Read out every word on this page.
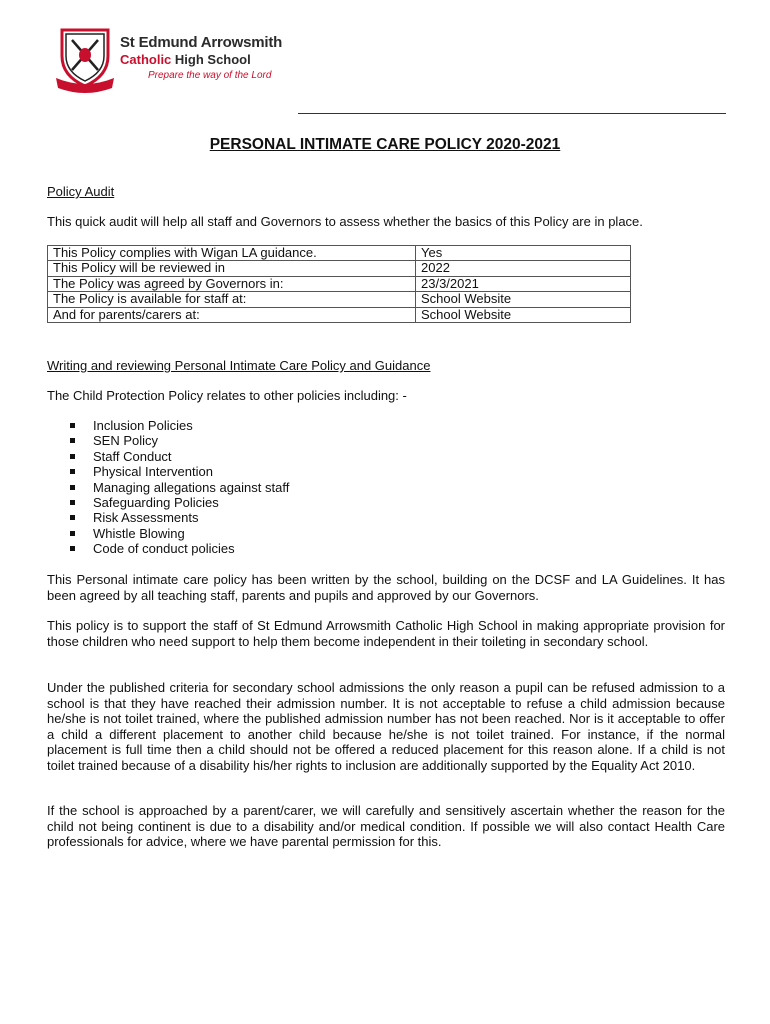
St Edmund Arrowsmith
Catholic High School
Prepare the way of the Lord
PERSONAL INTIMATE CARE POLICY 2020-2021
Policy Audit
This quick audit will help all staff and Governors to assess whether the basics of this Policy are in place.
This Policy complies with Wigan LA guidance.	Yes
This Policy will be reviewed in	2022
The Policy was agreed by Governors in:	23/3/2021
The Policy is available for staff at:	School Website
And for parents/carers at:	School Website
Writing and reviewing Personal Intimate Care Policy and Guidance
The Child Protection Policy relates to other policies including: -
Inclusion Policies
SEN Policy
Staff Conduct
Physical Intervention
Managing allegations against staff
Safeguarding Policies
Risk Assessments
Whistle Blowing
Code of conduct policies
This Personal intimate care policy has been written by the school, building on the DCSF and LA Guidelines. It has been agreed by all teaching staff, parents and pupils and approved by our Governors.
This policy is to support the staff of St Edmund Arrowsmith Catholic High School in making appropriate provision for those children who need support to help them become independent in their toileting in secondary school.
Under the published criteria for secondary school admissions the only reason a pupil can be refused admission to a school is that they have reached their admission number. It is not acceptable to refuse a child admission because he/she is not toilet trained, where the published admission number has not been reached. Nor is it acceptable to offer a child a different placement to another child because he/she is not toilet trained. For instance, if the normal placement is full time then a child should not be offered a reduced placement for this reason alone. If a child is not toilet trained because of a disability his/her rights to inclusion are additionally supported by the Equality Act 2010.
If the school is approached by a parent/carer, we will carefully and sensitively ascertain whether the reason for the child not being continent is due to a disability and/or medical condition. If possible we will also contact Health Care professionals for advice, where we have parental permission for this.
